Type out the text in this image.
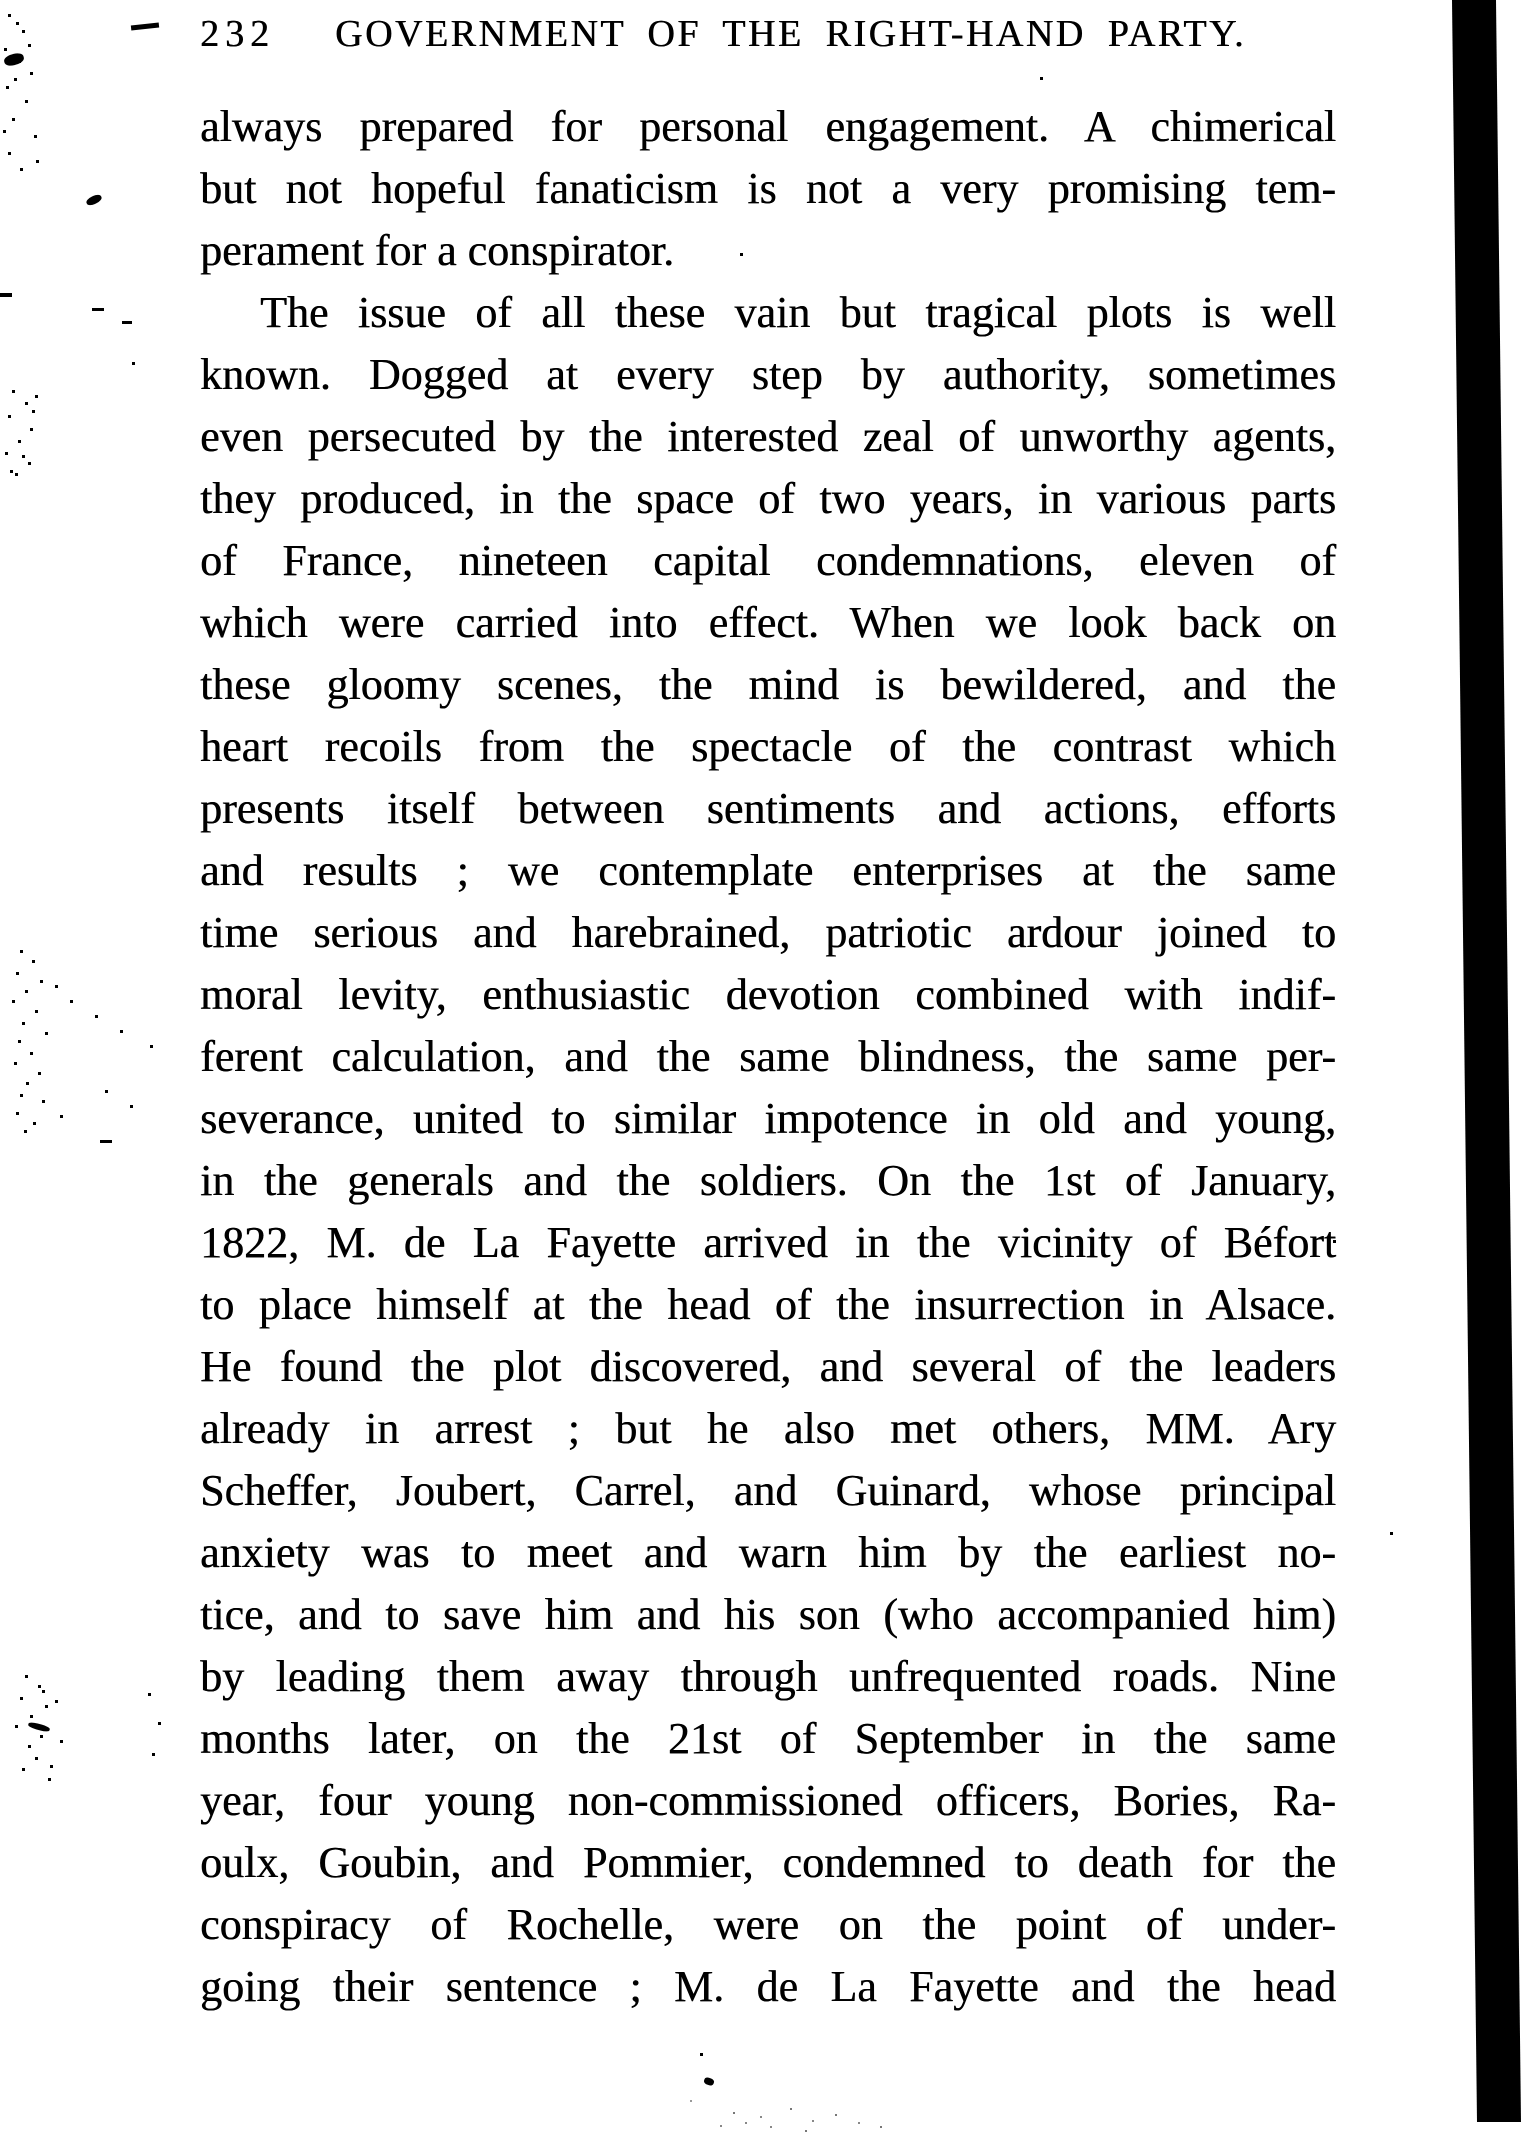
232 GOVERNMENT OF THE RIGHT-HAND PARTY.
always prepared for personal engagement. A chimerical
but not hopeful fanaticism is not a very promising tem-
perament for a conspirator.
The issue of all these vain but tragical plots is well
known. Dogged at every step by authority, sometimes
even persecuted by the interested zeal of unworthy agents,
they produced, in the space of two years, in various parts
of France, nineteen capital condemnations, eleven of
which were carried into effect. When we look back on
these gloomy scenes, the mind is bewildered, and the
heart recoils from the spectacle of the contrast which
presents itself between sentiments and actions, efforts
and results ; we contemplate enterprises at the same
time serious and harebrained, patriotic ardour joined to
moral levity, enthusiastic devotion combined with indif-
ferent calculation, and the same blindness, the same per-
severance, united to similar impotence in old and young,
in the generals and the soldiers. On the 1st of January,
1822, M. de La Fayette arrived in the vicinity of Béfort
to place himself at the head of the insurrection in Alsace.
He found the plot discovered, and several of the leaders
already in arrest ; but he also met others, MM. Ary
Scheffer, Joubert, Carrel, and Guinard, whose principal
anxiety was to meet and warn him by the earliest no-
tice, and to save him and his son (who accompanied him)
by leading them away through unfrequented roads. Nine
months later, on the 21st of September in the same
year, four young non-commissioned officers, Bories, Ra-
oulx, Goubin, and Pommier, condemned to death for the
conspiracy of Rochelle, were on the point of under-
going their sentence ; M. de La Fayette and the head
